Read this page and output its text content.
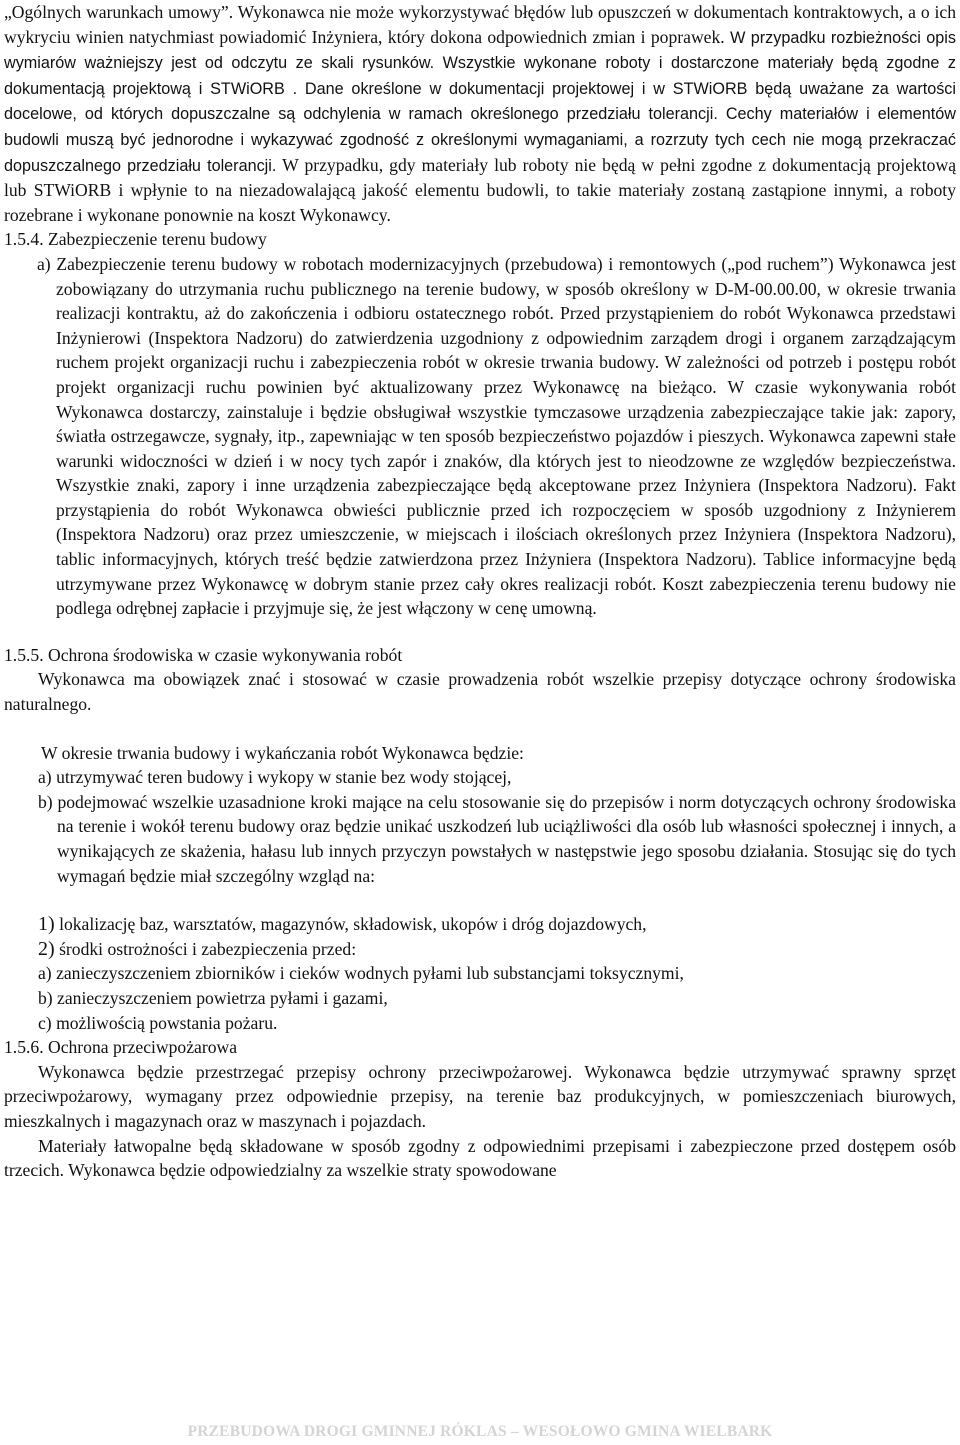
„Ogólnych warunkach umowy”. Wykonawca nie może wykorzystywać błędów lub opuszczeń w dokumentach kontraktowych, a o ich wykryciu winien natychmiast powiadomić Inżyniera, który dokona odpowiednich zmian i poprawek. W przypadku rozbieżności opis wymiarów ważniejszy jest od odczytu ze skali rysunków. Wszystkie wykonane roboty i dostarczone materiały będą zgodne z dokumentacją projektową i STWiORB . Dane określone w dokumentacji projektowej i w STWiORB będą uważane za wartości docelowe, od których dopuszczalne są odchylenia w ramach określonego przedziału tolerancji. Cechy materiałów i elementów budowli muszą być jednorodne i wykazywać zgodność z określonymi wymaganiami, a rozrzuty tych cech nie mogą przekraczać dopuszczalnego przedziału tolerancji. W przypadku, gdy materiały lub roboty nie będą w pełni zgodne z dokumentacją projektową lub STWiORB i wpłynie to na niezadowalającą jakość elementu budowli, to takie materiały zostaną zastąpione innymi, a roboty rozebrane i wykonane ponownie na koszt Wykonawcy.

1.5.4. Zabezpieczenie terenu budowy

a) Zabezpieczenie terenu budowy w robotach modernizacyjnych (przebudowa) i remontowych („pod ruchem”) Wykonawca jest zobowiązany do utrzymania ruchu publicznego na terenie budowy, w sposób określony w D-M-00.00.00, w okresie trwania realizacji kontraktu, aż do zakończenia i odbioru ostatecznego robót. Przed przystąpieniem do robót Wykonawca przedstawi Inżynierowi (Inspektora Nadzoru) do zatwierdzenia uzgodniony z odpowiednim zarządem drogi i organem zarządzającym ruchem projekt organizacji ruchu i zabezpieczenia robót w okresie trwania budowy. W zależności od potrzeb i postępu robót projekt organizacji ruchu powinien być aktualizowany przez Wykonawcę na bieżąco. W czasie wykonywania robót Wykonawca dostarczy, zainstaluje i będzie obsługiwał wszystkie tymczasowe urządzenia zabezpieczające takie jak: zapory, światła ostrzegawcze, sygnały, itp., zapewniając w ten sposób bezpieczeństwo pojazdów i pieszych. Wykonawca zapewni stałe warunki widoczności w dzień i w nocy tych zapór i znaków, dla których jest to nieodzowne ze względów bezpieczeństwa. Wszystkie znaki, zapory i inne urządzenia zabezpieczające będą akceptowane przez Inżyniera (Inspektora Nadzoru). Fakt przystąpienia do robót Wykonawca obwieści publicznie przed ich rozpoczęciem w sposób uzgodniony z Inżynierem (Inspektora Nadzoru) oraz przez umieszczenie, w miejscach i ilościach określonych przez Inżyniera (Inspektora Nadzoru), tablic informacyjnych, których treść będzie zatwierdzona przez Inżyniera (Inspektora Nadzoru). Tablice informacyjne będą utrzymywane przez Wykonawcę w dobrym stanie przez cały okres realizacji robót. Koszt zabezpieczenia terenu budowy nie podlega odrębnej zapłacie i przyjmuje się, że jest włączony w cenę umowną.

1.5.5. Ochrona środowiska w czasie wykonywania robót

Wykonawca ma obowiązek znać i stosować w czasie prowadzenia robót wszelkie przepisy dotyczące ochrony środowiska naturalnego.

W okresie trwania budowy i wykańczania robót Wykonawca będzie:

a) utrzymywać teren budowy i wykopy w stanie bez wody stojącej,

b) podejmować wszelkie uzasadnione kroki mające na celu stosowanie się do przepisów i norm dotyczących ochrony środowiska na terenie i wokół terenu budowy oraz będzie unikać uszkodzeń lub uciążliwości dla osób lub własności społecznej i innych, a wynikających ze skażenia, hałasu lub innych przyczyn powstałych w następstwie jego sposobu działania. Stosując się do tych wymagań będzie miał szczególny wzgląd na:

1) lokalizację baz, warsztatów, magazynów, składowisk, ukopów i dróg dojazdowych,

2) środki ostrożności i zabezpieczenia przed:

a) zanieczyszczeniem zbiorników i cieków wodnych pyłami lub substancjami toksycznymi,

b) zanieczyszczeniem powietrza pyłami i gazami,

c) możliwością powstania pożaru.

1.5.6. Ochrona przeciwpożarowa

Wykonawca będzie przestrzegać przepisy ochrony przeciwpożarowej. Wykonawca będzie utrzymywać sprawny sprzęt przeciwpożarowy, wymagany przez odpowiednie przepisy, na terenie baz produkcyjnych, w pomieszczeniach biurowych, mieszkalnych i magazynach oraz w maszynach i pojazdach.

Materiały łatwopalne będą składowane w sposób zgodny z odpowiednimi przepisami i zabezpieczone przed dostępem osób trzecich. Wykonawca będzie odpowiedzialny za wszelkie straty spowodowane

PRZEBUDOWA DROGI GMINNEJ RÓKLAS – WESOŁOWO GMINA WIELBARK
